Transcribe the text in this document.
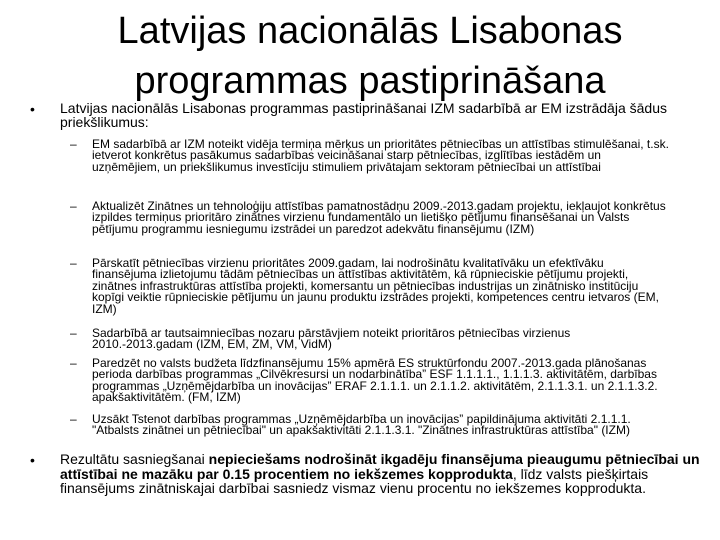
Latvijas nacionālās Lisabonas programmas pastiprināšana
• Latvijas nacionālās Lisabonas programmas pastiprināšanai IZM sadarbībā ar EM izstrādāja šādus priekšlikumus:
– EM sadarbībā ar IZM noteikt vidēja termiņa mērķus un prioritātes pētniecības un attīstības stimulēšanai, t.sk. ietverot konkrētus pasākumus sadarbības veicināšanai starp pētniecības, izglītības iestādēm un uzņēmējiem, un priekšlikumus investīciju stimuliem privātajam sektoram pētniecībai un attīstībai
– Aktualizēt Zinātnes un tehnoloģiju attīstības pamatnostādņu 2009.-2013.gadam projektu, iekļaujot konkrētus izpildes termiņus prioritāro zinātnes virzienu fundamentālo un lietišķo pētījumu finansēšanai un Valsts pētījumu programmu iesniegumu izstrādei un paredzot adekvātu finansējumu (IZM)
– Pārskatīt pētniecības virzienu prioritātes 2009.gadam, lai nodrošinātu kvalitatīvāku un efektīvāku finansējuma izlietojumu tādām pētniecības un attīstības aktivitātēm, kā rūpnieciskie pētījumu projekti, zinātnes infrastruktūras attīstība projekti, komersantu un pētniecības industrijas un zinātnisko institūciju kopīgi veiktie rūpnieciskie pētījumu un jaunu produktu izstrādes projekti, kompetences centru ietvaros (EM, IZM)
– Sadarbībā ar tautsaimniecības nozaru pārstāvjiem noteikt prioritāros pētniecības virzienus 2010.-2013.gadam (IZM, EM, ZM, VM, VidM)
– Paredzēt no valsts budžeta līdzfinansējumu 15% apmērā ES struktūrfondu 2007.-2013.gada plānošanas perioda darbības programmas „Cilvēkresursi un nodarbinātība” ESF 1.1.1.1., 1.1.1.3. aktivitātēm, darbības programmas „Uzņēmējdarbība un inovācijas” ERAF 2.1.1.1. un 2.1.1.2. aktivitātēm, 2.1.1.3.1. un 2.1.1.3.2. apakšaktivitātēm. (FM, IZM)
– Uzsākt Tstenot darbības programmas „Uzņēmējdarbība un inovācijas” papildinājuma aktivitāti 2.1.1.1. "Atbalsts zinātnei un pētniecībai" un apakšaktivitāti 2.1.1.3.1. "Zinātnes infrastruktūras attīstība" (IZM)
• Rezultātu sasniegšanai nepieciešams nodrošināt ikgadēju finansējuma pieaugumu pētniecībai un attīstībai ne mazāku par 0.15 procentiem no iekšzemes kopprodukta, līdz valsts piešķirtais finansējums zinātniskajai darbībai sasniedz vismaz vienu procentu no iekšzemes kopprodukta.
